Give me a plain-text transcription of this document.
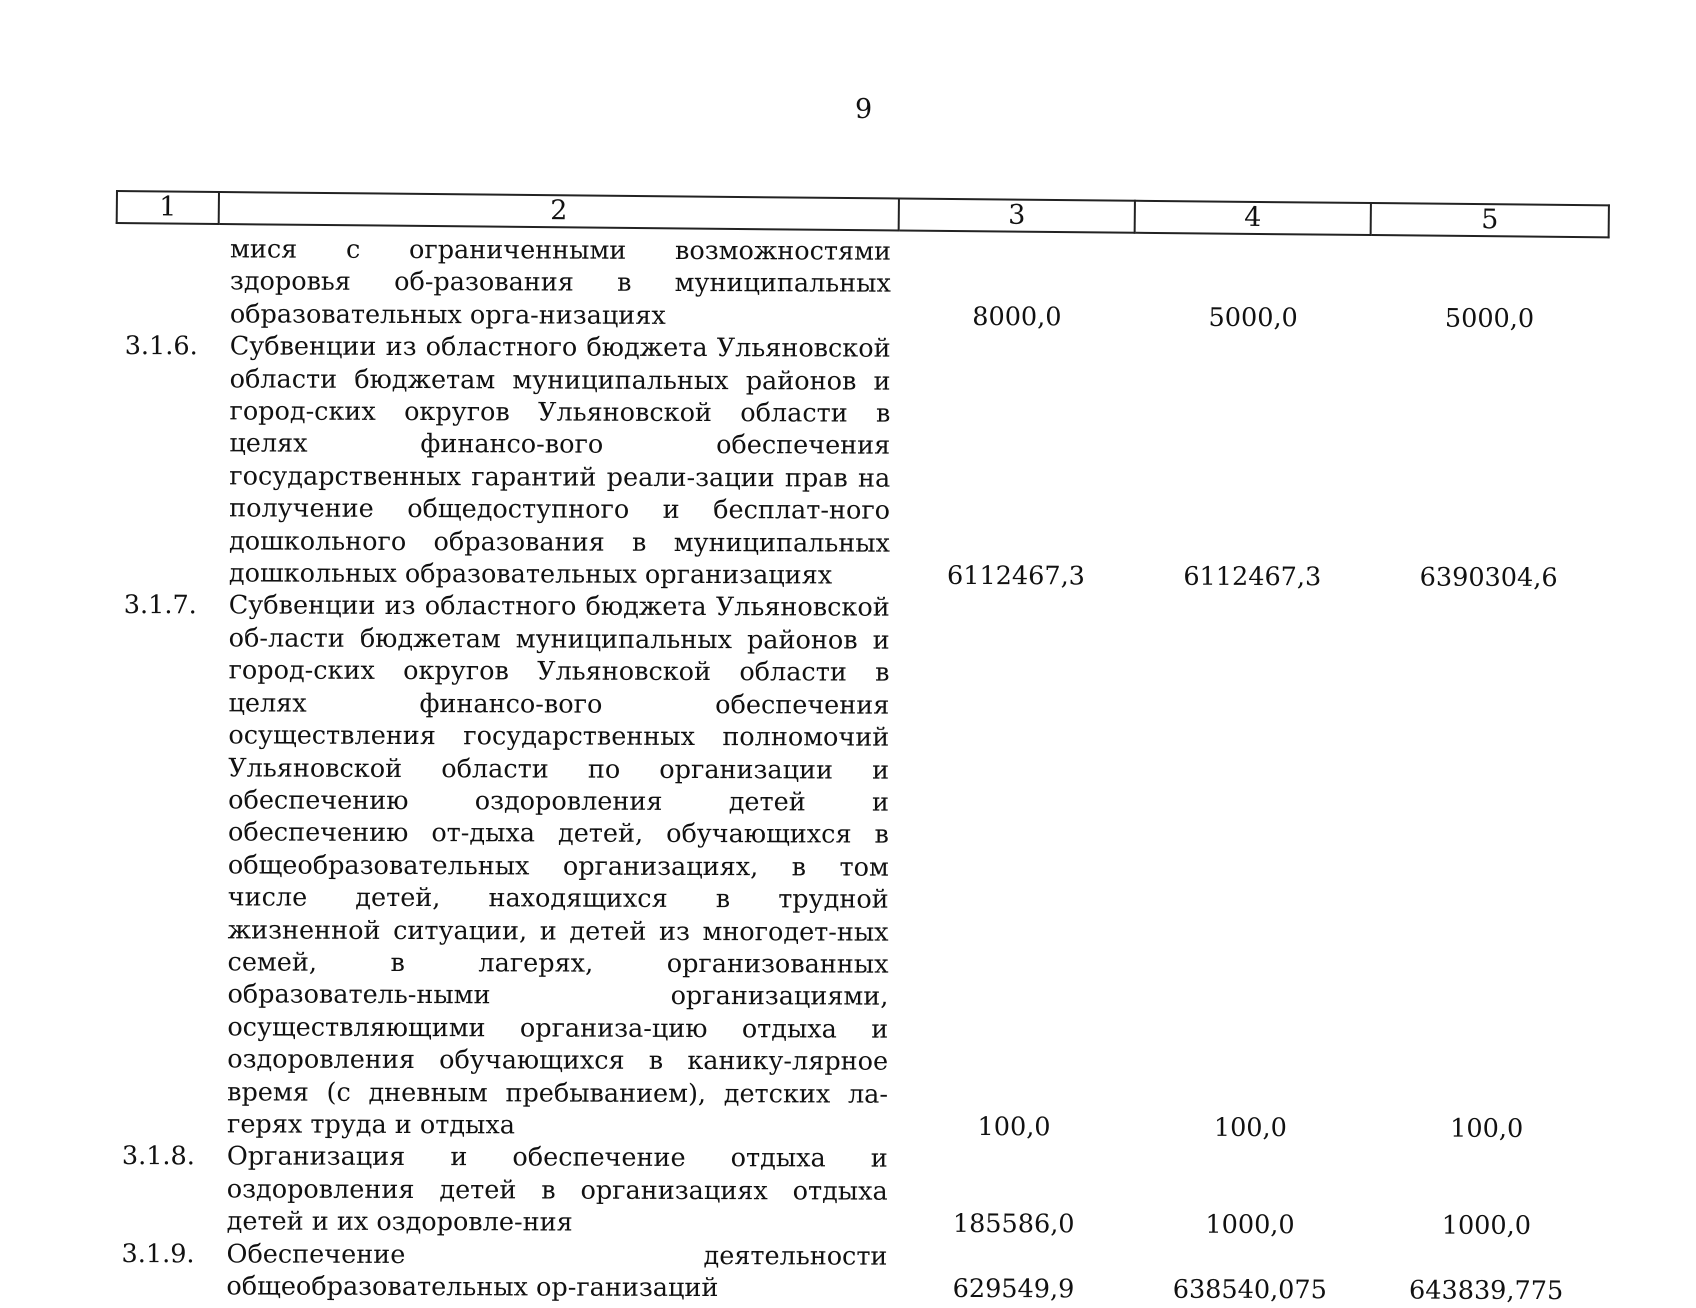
9
1	2	3	4	5

	мися с ограниченными возможностями здоровья об-разования в муниципальных образовательных орга-низациях	8000,0	5000,0	5000,0
3.1.6.	Субвенции из областного бюджета Ульяновской области бюджетам муниципальных районов и город-ских округов Ульяновской области в целях финансо-вого обеспечения государственных гарантий реали-зации прав на получение общедоступного и бесплат-ного дошкольного образования в муниципальных дошкольных образовательных организациях	6112467,3	6112467,3	6390304,6
3.1.7.	Субвенции из областного бюджета Ульяновской об-ласти бюджетам муниципальных районов и город-ских округов Ульяновской области в целях финансо-вого обеспечения осуществления государственных полномочий Ульяновской области по организации и обеспечению оздоровления детей и обеспечению от-дыха детей, обучающихся в общеобразовательных организациях, в том числе детей, находящихся в трудной жизненной ситуации, и детей из многодет-ных семей, в лагерях, организованных образователь-ными организациями, осуществляющими организа-цию отдыха и оздоровления обучающихся в канику-лярное время (с дневным пребыванием), детских ла-герях труда и отдыха	100,0	100,0	100,0
3.1.8.	Организация и обеспечение отдыха и оздоровления детей в организациях отдыха детей и их оздоровле-ния	185586,0	1000,0	1000,0
3.1.9.	Обеспечение деятельности общеобразовательных ор-ганизаций	629549,9	638540,075	643839,775
